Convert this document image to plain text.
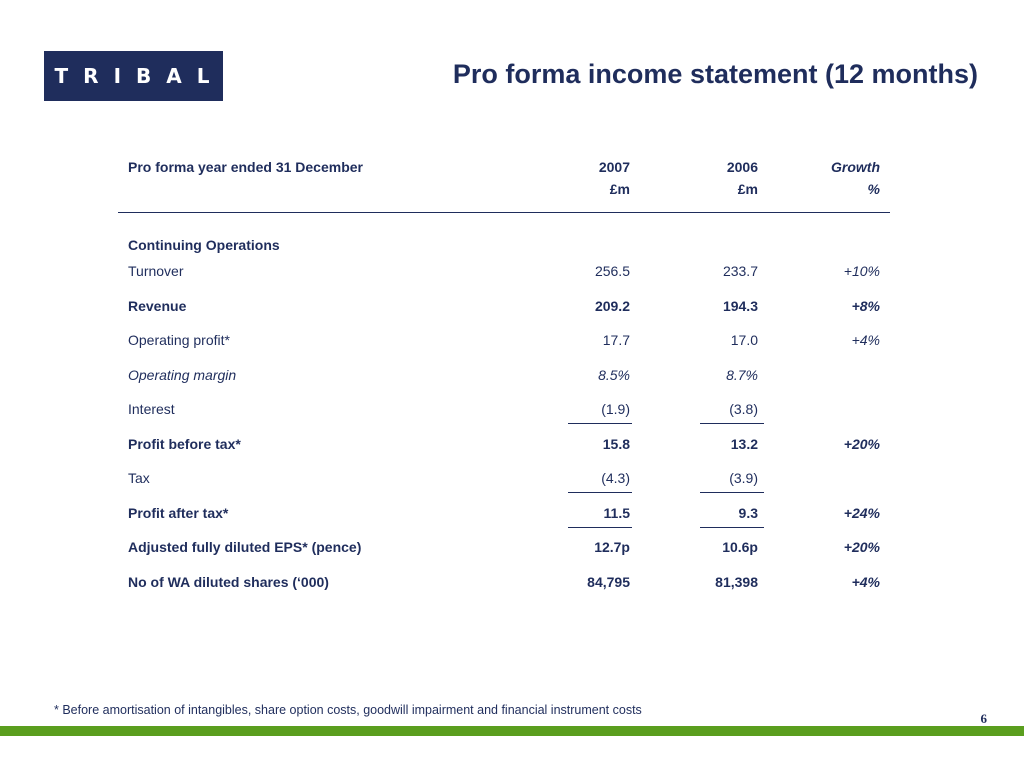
TRIBAL	Pro forma income statement (12 months)
Pro forma year ended 31 December	2007	2006	Growth
£m	£m	%
Continuing Operations
Turnover	256.5	233.7	+10%
Revenue	209.2	194.3	+8%
Operating profit*	17.7	17.0	+4%
Operating margin	8.5%	8.7%
Interest	(1.9)	(3.8)
Profit before tax*	15.8	13.2	+20%
Tax	(4.3)	(3.9)
Profit after tax*	11.5	9.3	+24%
Adjusted fully diluted EPS* (pence)	12.7p	10.6p	+20%
No of WA diluted shares (‘000)	84,795	81,398	+4%
* Before amortisation of intangibles, share option costs, goodwill impairment and financial instrument costs
6
